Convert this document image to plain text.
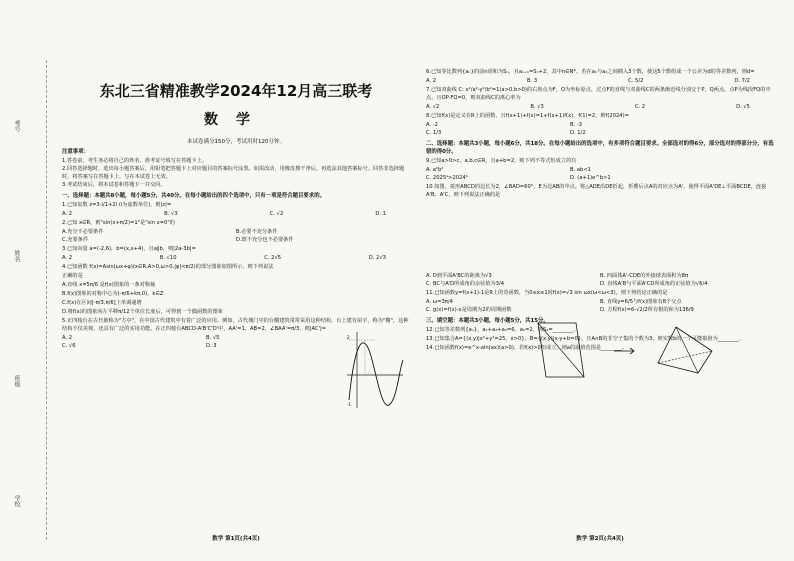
考号
姓名
班级
学校
东北三省精准教学2024年12月高三联考
数学
本试卷满分150分，考试用时120分钟。
注意事项：
1.答卷前，考生务必将自己的姓名、准考证号填写在答题卡上。
2.回答选择题时，选出每小题答案后，用铅笔把答题卡上对应题目的答案标号涂黑。如需改动，用橡皮擦干净后，再选涂其他答案标号。回答非选择题时，将答案写在答题卡上，写在本试卷上无效。
3.考试结束后，将本试卷和答题卡一并交回。
一、选择题：本题共8小题，每小题5分，共40分。在每小题给出的四个选项中，只有一项是符合题目要求的。
1.已知复数 z=3-i/1+2i (i为虚数单位)，则|z|=
A. 2	B. √3	C. √2	D. 1
2.已知 x∈R，则"sin(x+π/2)=1"是"sin x=0"的
A.充分不必要条件	B.必要不充分条件
C.充要条件	D.既不充分也不必要条件
3.已知向量 a=(-2,6)，b=(x,x+4)，且a∥b，则|2a-3b|=
A. 2	B. √10	C. 2√5	D. 2√3
4.已知函数 f(x)=Asin(ωx+φ)(x∈R,A>0,ω>0,|φ|<π/2)的部分图象如图所示，则下列说法
正确的是
A.直线 x=5π/6 是f(x)图象的一条对称轴
B.f(x)图象的对称中心为(-π/6+kπ,0)，k∈Z
C.f(x)在区间[-π/3,π/6]上单调递增
D.将f(x)的图象向左平移π/12个单位长度后，可得到一个偶函数的图象
5.正四棱台在古代被称为"方亭"，在中国古代建筑中有着广泛的应用。例如，古代城门中的台榭建筑常常采用这种结构，台上建有屋宇，称为"榭"，这种结构不仅美观，还具有广泛的实用功能。在正四棱台ABCD-A'B'C'D'中，AA'=1，AB=2，∠BAA'=π/3，则|AC'|=
A. 2	B. √5
C. √6	D. 3
2
-1
数学 第1页(共4页)
6.已知等比数列{aₙ}的前n项和为Sₙ，且aₙ₊₁=Sₙ+2，其中n∈N*。若在a₁与a₂之间插入3个数，使这5个数组成一个公差为d的等差数列，则d=
A. 2	B. 3	C. 5/2	D. 7/2
7.已知双曲线 C: x²/a²-y²/b²=1(a>0,b>0)的右焦点为F，O为坐标原点，过点F的直线与双曲线C的两条渐近线分别交于P，Q两点，点P为线段FQ的中点，且OP·FQ=0，则双曲线C的离心率为
A. √2	B. √3	C. 2	D. √5
8.已知f(x)是定义在R上的函数，且f(x+1)+f(x)=1+f(x+1)f(x)，f(1)=2，则f(2024)=
A. -2	B. -3
C. 1/3	D. 1/2
二、选择题：本题共3小题，每小题6分，共18分。在每小题给出的选项中，有多项符合题目要求。全部选对的得6分，部分选对的得部分分，有选错的得0分。
9.已知a>0>c，a,b,c∈R，且a+b=2，则下列不等式恒成立的有
A. a²b²	B. ab<1
C. 2025ᵃ>2024ᵇ	D. (a+1)e^b>1
10.如图，菱形ABCD的边长为2，∠BAD=60°，E为边AB的中点。将△ADE沿DE折起，折叠后点A的对应点为A'，使得平面A'DE⊥平面BCDE，连接A'B，A'C，则下列说法正确的是
A. D到平面A'BC的距离为√3	B. 四面体A'-CDE的外接球表面积为8π
C. BC与A'D所成角的余弦值为3/4	D. 直线A'B与平面A'CD所成角的正弦值为√6/4
11.已知函数y=f(x+1)-1是R上的奇函数，当0≤x≤1时f(x)=√3 sin ωx(ω<ω<3)，则下列结论正确的是
A. ω=3π/4	B. 直线y=6/5与f(x)图象有8个交点
C. g(x)=f(x)-x是周期为2的周期函数	D. 方程f(x)=6-√2/2所有根的和为136/9
三、填空题：本题共3小题，每小题5分，共15分。
12.已知等差数列{aₙ}，a₁+a₂+a₃=6，a₅=2，则S₂=________。
13.已知集合A={(x,y)|x²+y²=25，x>0}，B={(x,y)|x-y+b=0}，且A∩B的非空子集的个数为3，则实数b的一个可能取值为________。
14.已知函数f(x)=e^x-aln(ax)(a>0)，若f(x)>0恒成立，则a的取值范围是________。
数学 第2页(共4页)
